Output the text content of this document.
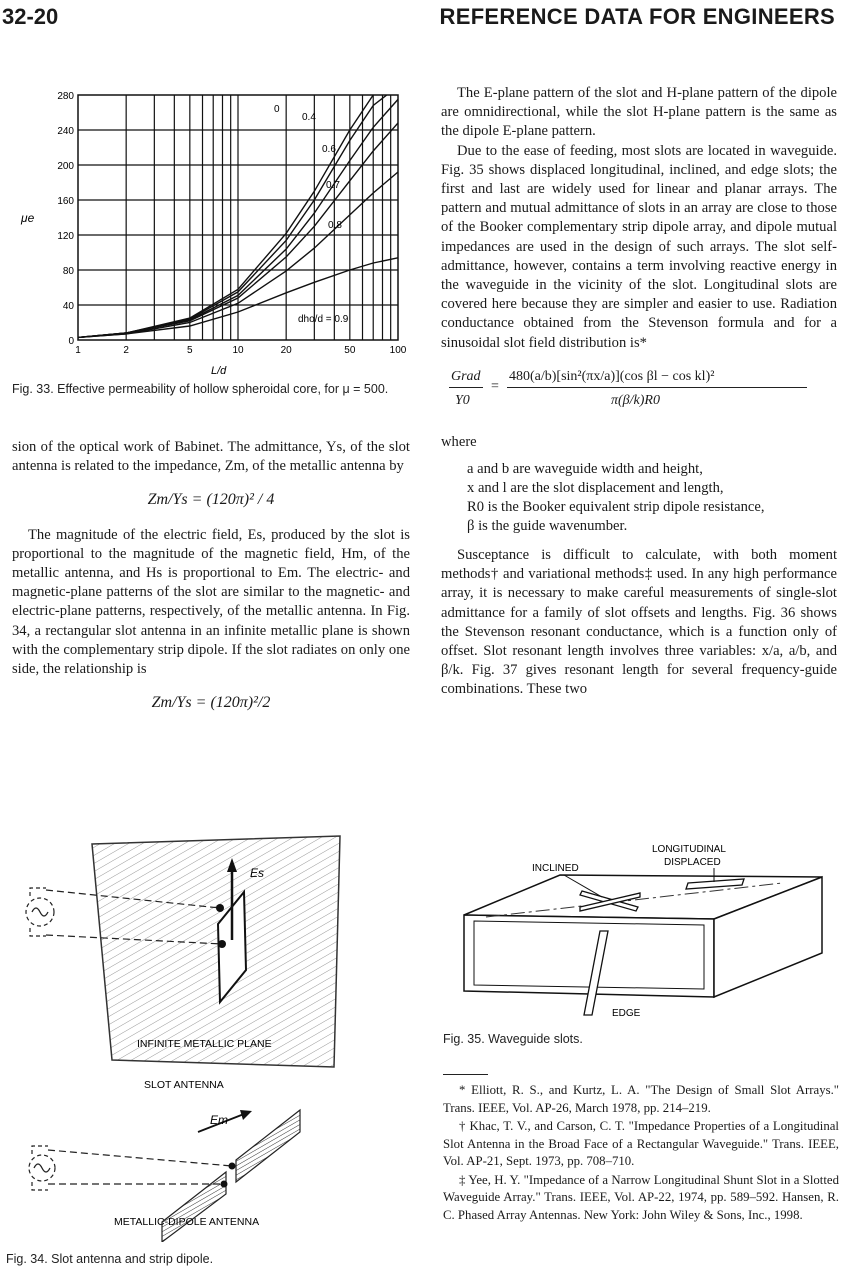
32-20	REFERENCE DATA FOR ENGINEERS
0
40
80
120
160
200
240
280
1	2	5	10	20	50	100
0
0.4
0.6
0.7
0.8
dho/d = 0.9
μe
L/d
Fig. 33. Effective permeability of hollow spheroidal core, for μ = 500.

sion of the optical work of Babinet. The admittance, Ys, of the slot antenna is related to the impedance, Zm, of the metallic antenna by

Zm/Ys = (120π)² / 4

The magnitude of the electric field, Es, produced by the slot is proportional to the magnitude of the magnetic field, Hm, of the metallic antenna, and Hs is proportional to Em. The electric- and magnetic-plane patterns of the slot are similar to the magnetic- and electric-plane patterns, respectively, of the metallic antenna. In Fig. 34, a rectangular slot antenna in an infinite metallic plane is shown with the complementary strip dipole. If the slot radiates on only one side, the relationship is

Zm/Ys = (120π)²/2
Es
INFINITE METALLIC PLANE
SLOT ANTENNA
Em
METALLIC-DIPOLE ANTENNA
Fig. 34. Slot antenna and strip dipole.

The E-plane pattern of the slot and H-plane pattern of the dipole are omnidirectional, while the slot H-plane pattern is the same as the dipole E-plane pattern.

Due to the ease of feeding, most slots are located in waveguide. Fig. 35 shows displaced longitudinal, inclined, and edge slots; the first and last are widely used for linear and planar arrays. The pattern and mutual admittance of slots in an array are close to those of the Booker complementary strip dipole array, and dipole mutual impedances are used in the design of such arrays. The slot self-admittance, however, contains a term involving reactive energy in the waveguide in the vicinity of the slot. Longitudinal slots are covered here because they are simpler and easier to use. Radiation conductance obtained from the Stevenson formula and for a sinusoidal slot field distribution is*

Grad
Y0
=
480(a/b)[sin²(πx/a)](cos βl − cos kl)²
π(β/k)R0
where
a and b are waveguide width and height,
x and l are the slot displacement and length,
R0 is the Booker equivalent strip dipole resistance,
β is the guide wavenumber.

Susceptance is difficult to calculate, with both moment methods† and variational methods‡ used. In any high performance array, it is necessary to make careful measurements of single-slot admittance for a family of slot offsets and lengths. Fig. 36 shows the Stevenson resonant conductance, which is a function only of offset. Slot resonant length involves three variables: x/a, a/b, and β/k. Fig. 37 gives resonant length for several frequency-guide combinations. These two

LONGITUDINAL
DISPLACED
INCLINED
EDGE
Fig. 35. Waveguide slots.

* Elliott, R. S., and Kurtz, L. A. "The Design of Small Slot Arrays." Trans. IEEE, Vol. AP-26, March 1978, pp. 214–219.

† Khac, T. V., and Carson, C. T. "Impedance Properties of a Longitudinal Slot Antenna in the Broad Face of a Rectangular Waveguide." Trans. IEEE, Vol. AP-21, Sept. 1973, pp. 708–710.

‡ Yee, H. Y. "Impedance of a Narrow Longitudinal Shunt Slot in a Slotted Waveguide Array." Trans. IEEE, Vol. AP-22, 1974, pp. 589–592. Hansen, R. C. Phased Array Antennas. New York: John Wiley & Sons, Inc., 1998.
